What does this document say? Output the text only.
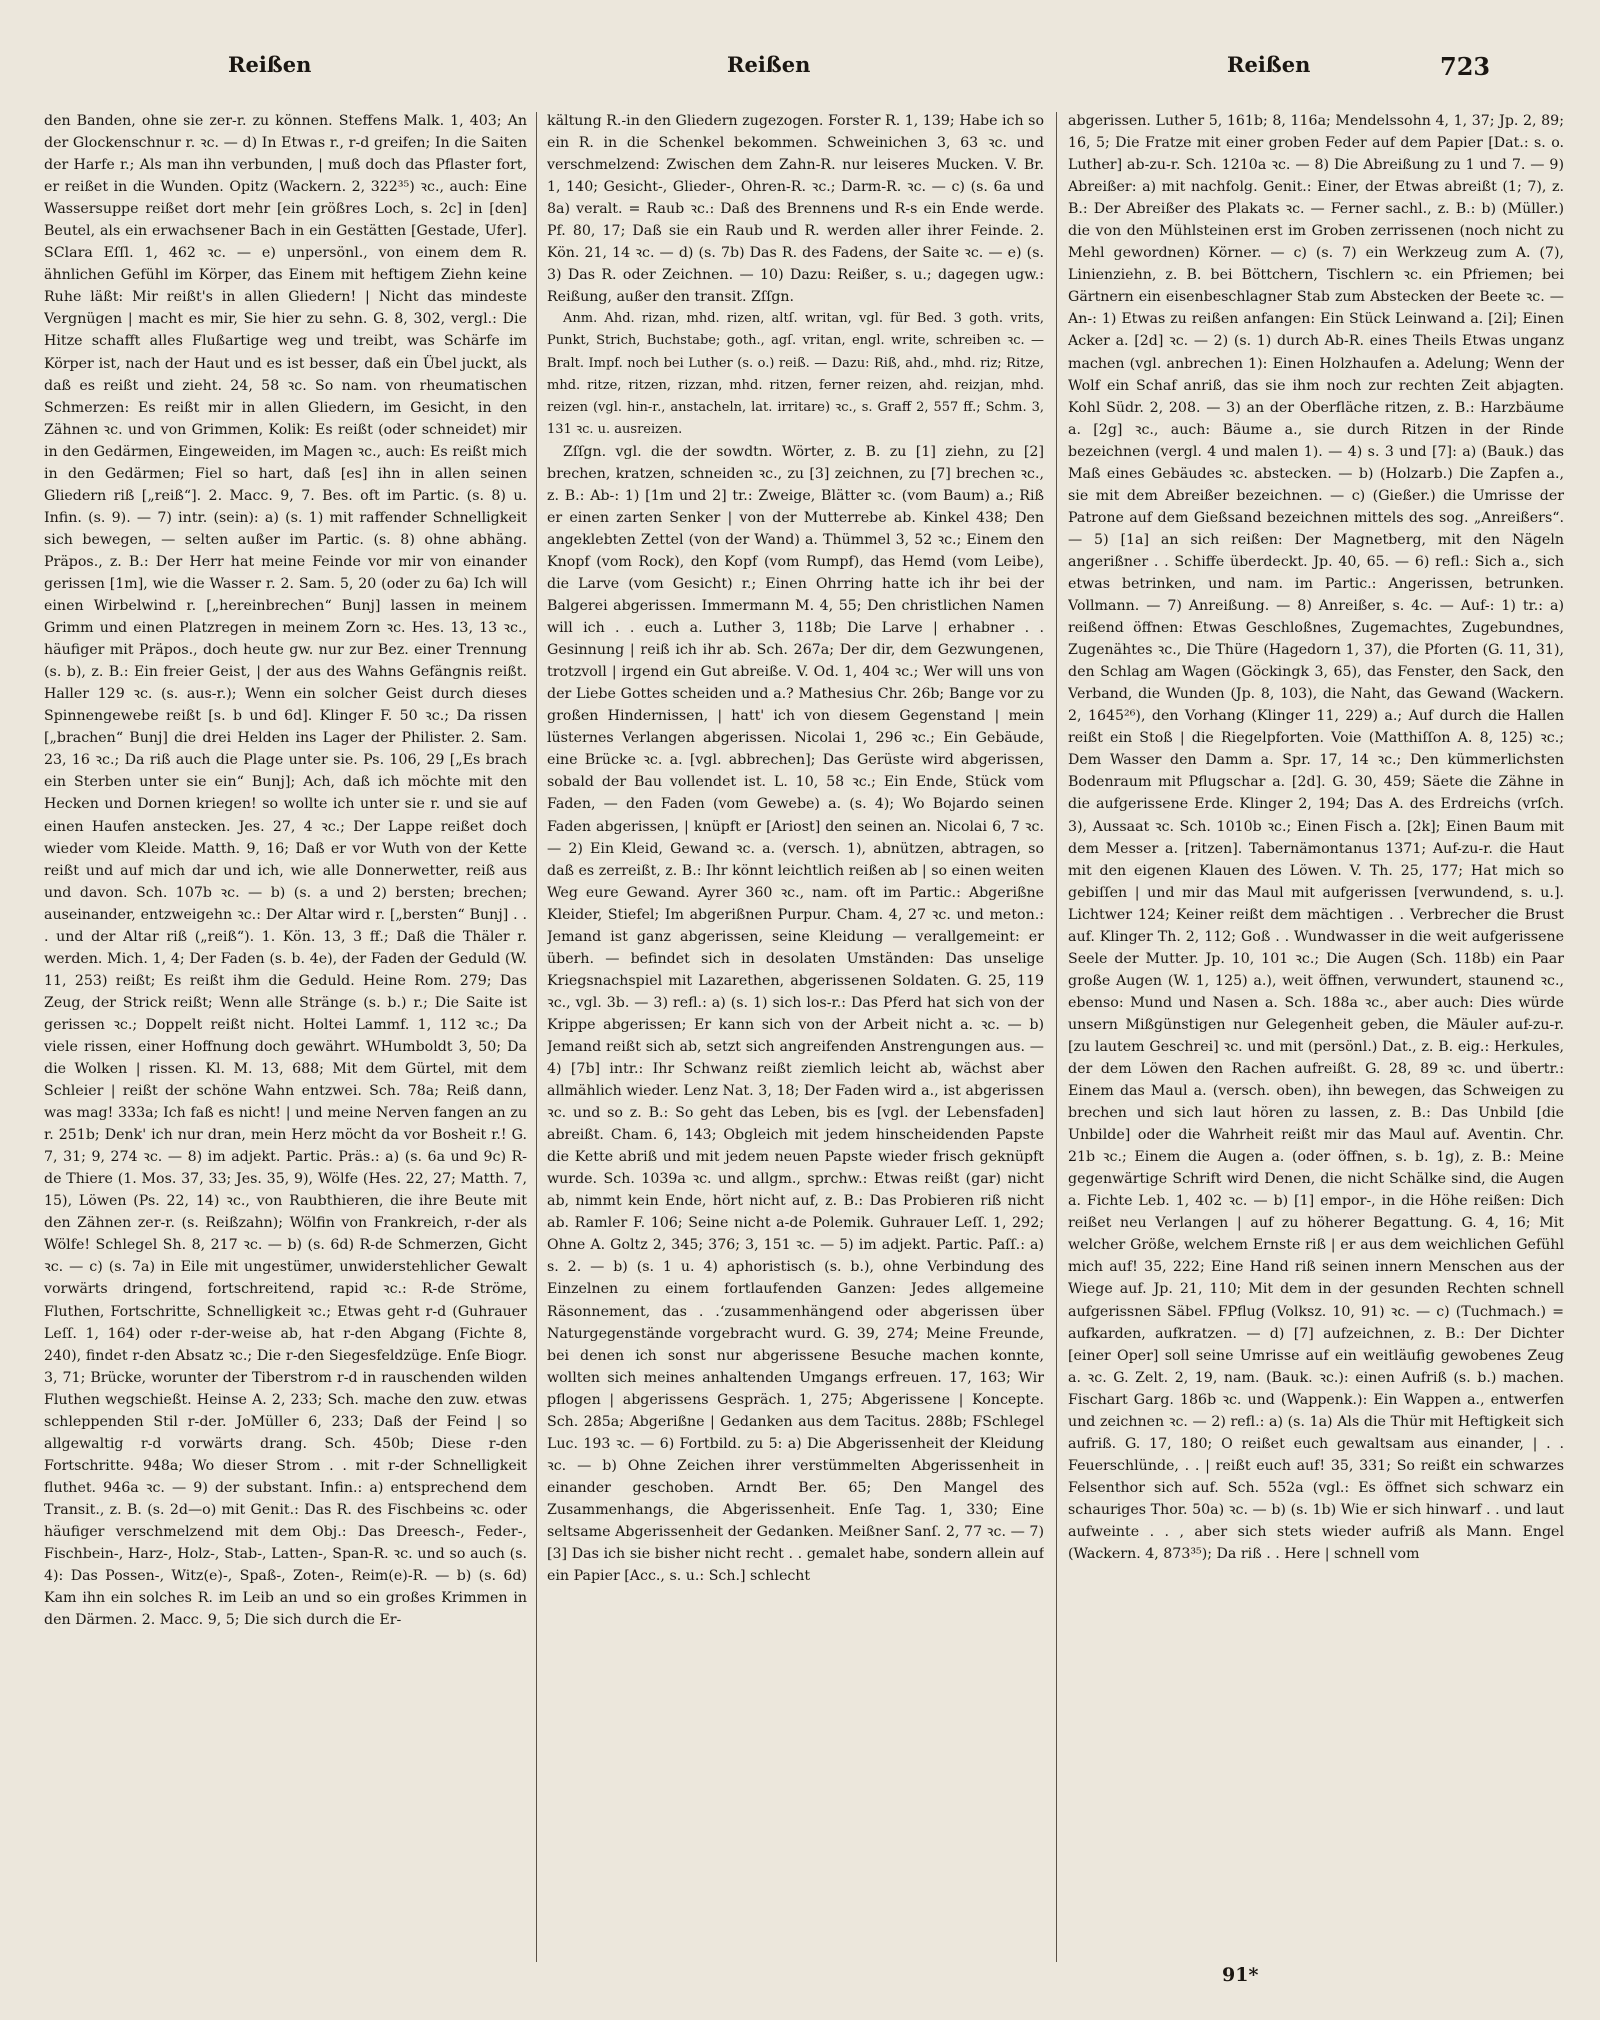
Reißen	Reißen	Reißen	723

den Banden, ohne sie zer-r. zu können. Steffens Malk. 1, 403; An der Glockenschnur r. ꝛc. — d) In Etwas r., r-d greifen; In die Saiten der Harfe r.; Als man ihn verbunden, | muß doch das Pflaster fort, er reißet in die Wunden. Opitz (Wackern. 2, 322³⁵) ꝛc., auch: Eine Wassersuppe reißet dort mehr [ein größres Loch, s. 2c] in [den] Beutel, als ein erwachsener Bach in ein Gestätten [Gestade, Ufer]. SClara Eſſl. 1, 462 ꝛc. — e) unpersönl., von einem dem R. ähnlichen Gefühl im Körper, das Einem mit heftigem Ziehn keine Ruhe läßt: Mir reißt's in allen Gliedern! | Nicht das mindeste Vergnügen | macht es mir, Sie hier zu sehn. G. 8, 302, vergl.: Die Hitze schafft alles Flußartige weg und treibt, was Schärfe im Körper ist, nach der Haut und es ist besser, daß ein Übel juckt, als daß es reißt und zieht. 24, 58 ꝛc. So nam. von rheumatischen Schmerzen: Es reißt mir in allen Gliedern, im Gesicht, in den Zähnen ꝛc. und von Grimmen, Kolik: Es reißt (oder schneidet) mir in den Gedärmen, Eingeweiden, im Magen ꝛc., auch: Es reißt mich in den Gedärmen; Fiel so hart, daß [es] ihn in allen seinen Gliedern riß [„reiß“]. 2. Macc. 9, 7. Bes. oft im Partic. (s. 8) u. Infin. (s. 9). — 7) intr. (sein): a) (s. 1) mit raffender Schnelligkeit sich bewegen, — selten außer im Partic. (s. 8) ohne abhäng. Präpos., z. B.: Der Herr hat meine Feinde vor mir von einander gerissen [1m], wie die Wasser r. 2. Sam. 5, 20 (oder zu 6a) Ich will einen Wirbelwind r. [„hereinbrechen“ Bunj] lassen in meinem Grimm und einen Platzregen in meinem Zorn ꝛc. Hes. 13, 13 ꝛc., häufiger mit Präpos., doch heute gw. nur zur Bez. einer Trennung (s. b), z. B.: Ein freier Geist, | der aus des Wahns Gefängnis reißt. Haller 129 ꝛc. (s. aus-r.); Wenn ein solcher Geist durch dieses Spinnengewebe reißt [s. b und 6d]. Klinger F. 50 ꝛc.; Da rissen [„brachen“ Bunj] die drei Helden ins Lager der Philister. 2. Sam. 23, 16 ꝛc.; Da riß auch die Plage unter sie. Ps. 106, 29 [„Es brach ein Sterben unter sie ein“ Bunj]; Ach, daß ich möchte mit den Hecken und Dornen kriegen! so wollte ich unter sie r. und sie auf einen Haufen anstecken. Jes. 27, 4 ꝛc.; Der Lappe reißet doch wieder vom Kleide. Matth. 9, 16; Daß er vor Wuth von der Kette reißt und auf mich dar und ich, wie alle Donnerwetter, reiß aus und davon. Sch. 107b ꝛc. — b) (s. a und 2) bersten; brechen; auseinander, entzweigehn ꝛc.: Der Altar wird r. [„bersten“ Bunj] . . . und der Altar riß („reiß“). 1. Kön. 13, 3 ff.; Daß die Thäler r. werden. Mich. 1, 4; Der Faden (s. b. 4e), der Faden der Geduld (W. 11, 253) reißt; Es reißt ihm die Geduld. Heine Rom. 279; Das Zeug, der Strick reißt; Wenn alle Stränge (s. b.) r.; Die Saite ist gerissen ꝛc.; Doppelt reißt nicht. Holtei Lammf. 1, 112 ꝛc.; Da viele rissen, einer Hoffnung doch gewährt. WHumboldt 3, 50; Da die Wolken | rissen. Kl. M. 13, 688; Mit dem Gürtel, mit dem Schleier | reißt der schöne Wahn entzwei. Sch. 78a; Reiß dann, was mag! 333a; Ich faß es nicht! | und meine Nerven fangen an zu r. 251b; Denk' ich nur dran, mein Herz möcht da vor Bosheit r.! G. 7, 31; 9, 274 ꝛc. — 8) im adjekt. Partic. Präs.: a) (s. 6a und 9c) R-de Thiere (1. Mos. 37, 33; Jes. 35, 9), Wölfe (Hes. 22, 27; Matth. 7, 15), Löwen (Ps. 22, 14) ꝛc., von Raubthieren, die ihre Beute mit den Zähnen zer-r. (s. Reißzahn); Wölfin von Frankreich, r-der als Wölfe! Schlegel Sh. 8, 217 ꝛc. — b) (s. 6d) R-de Schmerzen, Gicht ꝛc. — c) (s. 7a) in Eile mit ungestümer, unwiderstehlicher Gewalt vorwärts dringend, fortschreitend, rapid ꝛc.: R-de Ströme, Fluthen, Fortschritte, Schnelligkeit ꝛc.; Etwas geht r-d (Guhrauer Leſſ. 1, 164) oder r-der-weise ab, hat r-den Abgang (Fichte 8, 240), findet r-den Absatz ꝛc.; Die r-den Siegesfeldzüge. Enſe Biogr. 3, 71; Brücke, worunter der Tiberstrom r-d in rauschenden wilden Fluthen wegschießt. Heinse A. 2, 233; Sch. mache den zuw. etwas schleppenden Stil r-der. JoMüller 6, 233; Daß der Feind | so allgewaltig r-d vorwärts drang. Sch. 450b; Diese r-den Fortschritte. 948a; Wo dieser Strom . . mit r-der Schnelligkeit fluthet. 946a ꝛc. — 9) der substant. Infin.: a) entsprechend dem Transit., z. B. (s. 2d—o) mit Genit.: Das R. des Fischbeins ꝛc. oder häufiger verschmelzend mit dem Obj.: Das Dreesch-, Feder-, Fischbein-, Harz-, Holz-, Stab-, Latten-, Span-R. ꝛc. und so auch (s. 4): Das Possen-, Witz(e)-, Spaß-, Zoten-, Reim(e)-R. — b) (s. 6d) Kam ihn ein solches R. im Leib an und so ein großes Krimmen in den Därmen. 2. Macc. 9, 5; Die sich durch die Er-

kältung R.-in den Gliedern zugezogen. Forster R. 1, 139; Habe ich so ein R. in die Schenkel bekommen. Schweinichen 3, 63 ꝛc. und verschmelzend: Zwischen dem Zahn-R. nur leiseres Mucken. V. Br. 1, 140; Gesicht-, Glieder-, Ohren-R. ꝛc.; Darm-R. ꝛc. — c) (s. 6a und 8a) veralt. = Raub ꝛc.: Daß des Brennens und R-s ein Ende werde. Pf. 80, 17; Daß sie ein Raub und R. werden aller ihrer Feinde. 2. Kön. 21, 14 ꝛc. — d) (s. 7b) Das R. des Fadens, der Saite ꝛc. — e) (s. 3) Das R. oder Zeichnen. — 10) Dazu: Reißer, s. u.; dagegen ugw.: Reißung, außer den transit. Zſſgn.

Anm. Ahd. rizan, mhd. rizen, altſ. writan, vgl. für Bed. 3 goth. vrits, Punkt, Strich, Buchstabe; goth., agſ. vritan, engl. write, schreiben ꝛc. — Bralt. Impf. noch bei Luther (s. o.) reiß. — Dazu: Riß, ahd., mhd. riz; Ritze, mhd. ritze, ritzen, rizzan, mhd. ritzen, ferner reizen, ahd. reizjan, mhd. reizen (vgl. hin-r., anstacheln, lat. irritare) ꝛc., s. Graff 2, 557 ff.; Schm. 3, 131 ꝛc. u. ausreizen.

Zſſgn. vgl. die der sowdtn. Wörter, z. B. zu [1] ziehn, zu [2] brechen, kratzen, schneiden ꝛc., zu [3] zeichnen, zu [7] brechen ꝛc., z. B.: Ab-: 1) [1m und 2] tr.: Zweige, Blätter ꝛc. (vom Baum) a.; Riß er einen zarten Senker | von der Mutterrebe ab. Kinkel 438; Den angeklebten Zettel (von der Wand) a. Thümmel 3, 52 ꝛc.; Einem den Knopf (vom Rock), den Kopf (vom Rumpf), das Hemd (vom Leibe), die Larve (vom Gesicht) r.; Einen Ohrring hatte ich ihr bei der Balgerei abgerissen. Immermann M. 4, 55; Den christlichen Namen will ich . . euch a. Luther 3, 118b; Die Larve | erhabner . . Gesinnung | reiß ich ihr ab. Sch. 267a; Der dir, dem Gezwungenen, trotzvoll | irgend ein Gut abreiße. V. Od. 1, 404 ꝛc.; Wer will uns von der Liebe Gottes scheiden und a.? Mathesius Chr. 26b; Bange vor zu großen Hindernissen, | hatt' ich von diesem Gegenstand | mein lüsternes Verlangen abgerissen. Nicolai 1, 296 ꝛc.; Ein Gebäude, eine Brücke ꝛc. a. [vgl. abbrechen]; Das Gerüste wird abgerissen, sobald der Bau vollendet ist. L. 10, 58 ꝛc.; Ein Ende, Stück vom Faden, — den Faden (vom Gewebe) a. (s. 4); Wo Bojardo seinen Faden abgerissen, | knüpft er [Ariost] den seinen an. Nicolai 6, 7 ꝛc. — 2) Ein Kleid, Gewand ꝛc. a. (versch. 1), abnützen, abtragen, so daß es zerreißt, z. B.: Ihr könnt leichtlich reißen ab | so einen weiten Weg eure Gewand. Ayrer 360 ꝛc., nam. oft im Partic.: Abgerißne Kleider, Stiefel; Im abgerißnen Purpur. Cham. 4, 27 ꝛc. und meton.: Jemand ist ganz abgerissen, seine Kleidung — verallgemeint: er überh. — befindet sich in desolaten Umständen: Das unselige Kriegsnachspiel mit Lazarethen, abgerissenen Soldaten. G. 25, 119 ꝛc., vgl. 3b. — 3) refl.: a) (s. 1) sich los-r.: Das Pferd hat sich von der Krippe abgerissen; Er kann sich von der Arbeit nicht a. ꝛc. — b) Jemand reißt sich ab, setzt sich angreifenden Anstrengungen aus. — 4) [7b] intr.: Ihr Schwanz reißt ziemlich leicht ab, wächst aber allmählich wieder. Lenz Nat. 3, 18; Der Faden wird a., ist abgerissen ꝛc. und so z. B.: So geht das Leben, bis es [vgl. der Lebensfaden] abreißt. Cham. 6, 143; Obgleich mit jedem hinscheidenden Papste die Kette abriß und mit jedem neuen Papste wieder frisch geknüpft wurde. Sch. 1039a ꝛc. und allgm., sprchw.: Etwas reißt (gar) nicht ab, nimmt kein Ende, hört nicht auf, z. B.: Das Probieren riß nicht ab. Ramler F. 106; Seine nicht a-de Polemik. Guhrauer Leſſ. 1, 292; Ohne A. Goltz 2, 345; 376; 3, 151 ꝛc. — 5) im adjekt. Partic. Paſſ.: a) s. 2. — b) (s. 1 u. 4) aphoristisch (s. b.), ohne Verbindung des Einzelnen zu einem fortlaufenden Ganzen: Jedes allgemeine Räsonnement, das . .ʻzusammenhängend oder abgerissen über Naturgegenstände vorgebracht wurd. G. 39, 274; Meine Freunde, bei denen ich sonst nur abgerissene Besuche machen konnte, wollten sich meines anhaltenden Umgangs erfreuen. 17, 163; Wir pflogen | abgerissens Gespräch. 1, 275; Abgerissene | Koncepte. Sch. 285a; Abgerißne | Gedanken aus dem Tacitus. 288b; FSchlegel Luc. 193 ꝛc. — 6) Fortbild. zu 5: a) Die Abgerissenheit der Kleidung ꝛc. — b) Ohne Zeichen ihrer verstümmelten Abgerissenheit in einander geschoben. Arndt Ber. 65; Den Mangel des Zusammenhangs, die Abgerissenheit. Enſe Tag. 1, 330; Eine seltsame Abgerissenheit der Gedanken. Meißner Sanſ. 2, 77 ꝛc. — 7) [3] Das ich sie bisher nicht recht . . gemalet habe, sondern allein auf ein Papier [Acc., s. u.: Sch.] schlecht

abgerissen. Luther 5, 161b; 8, 116a; Mendelssohn 4, 1, 37; Jp. 2, 89; 16, 5; Die Fratze mit einer groben Feder auf dem Papier [Dat.: s. o. Luther] ab-zu-r. Sch. 1210a ꝛc. — 8) Die Abreißung zu 1 und 7. — 9) Abreißer: a) mit nachfolg. Genit.: Einer, der Etwas abreißt (1; 7), z. B.: Der Abreißer des Plakats ꝛc. — Ferner sachl., z. B.: b) (Müller.) die von den Mühlsteinen erst im Groben zerrissenen (noch nicht zu Mehl gewordnen) Körner. — c) (s. 7) ein Werkzeug zum A. (7), Linienziehn, z. B. bei Böttchern, Tischlern ꝛc. ein Pfriemen; bei Gärtnern ein eisenbeschlagner Stab zum Abstecken der Beete ꝛc. — An-: 1) Etwas zu reißen anfangen: Ein Stück Leinwand a. [2i]; Einen Acker a. [2d] ꝛc. — 2) (s. 1) durch Ab-R. eines Theils Etwas unganz machen (vgl. anbrechen 1): Einen Holzhaufen a. Adelung; Wenn der Wolf ein Schaf anriß, das sie ihm noch zur rechten Zeit abjagten. Kohl Südr. 2, 208. — 3) an der Oberfläche ritzen, z. B.: Harzbäume a. [2g] ꝛc., auch: Bäume a., sie durch Ritzen in der Rinde bezeichnen (vergl. 4 und malen 1). — 4) s. 3 und [7]: a) (Bauk.) das Maß eines Gebäudes ꝛc. abstecken. — b) (Holzarb.) Die Zapfen a., sie mit dem Abreißer bezeichnen. — c) (Gießer.) die Umrisse der Patrone auf dem Gießsand bezeichnen mittels des sog. „Anreißers“. — 5) [1a] an sich reißen: Der Magnetberg, mit den Nägeln angerißner . . Schiffe überdeckt. Jp. 40, 65. — 6) refl.: Sich a., sich etwas betrinken, und nam. im Partic.: Angerissen, betrunken. Vollmann. — 7) Anreißung. — 8) Anreißer, s. 4c. — Auf-: 1) tr.: a) reißend öffnen: Etwas Geschloßnes, Zugemachtes, Zugebundnes, Zugenähtes ꝛc., Die Thüre (Hagedorn 1, 37), die Pforten (G. 11, 31), den Schlag am Wagen (Göckingk 3, 65), das Fenster, den Sack, den Verband, die Wunden (Jp. 8, 103), die Naht, das Gewand (Wackern. 2, 1645²⁶), den Vorhang (Klinger 11, 229) a.; Auf durch die Hallen reißt ein Stoß | die Riegelpforten. Voie (Matthiſſon A. 8, 125) ꝛc.; Dem Wasser den Damm a. Spr. 17, 14 ꝛc.; Den kümmerlichsten Bodenraum mit Pflugschar a. [2d]. G. 30, 459; Säete die Zähne in die aufgerissene Erde. Klinger 2, 194; Das A. des Erdreichs (vrſch. 3), Aussaat ꝛc. Sch. 1010b ꝛc.; Einen Fisch a. [2k]; Einen Baum mit dem Messer a. [ritzen]. Tabernämontanus 1371; Auf-zu-r. die Haut mit den eigenen Klauen des Löwen. V. Th. 25, 177; Hat mich so gebiſſen | und mir das Maul mit aufgerissen [verwundend, s. u.]. Lichtwer 124; Keiner reißt dem mächtigen . . Verbrecher die Brust auf. Klinger Th. 2, 112; Goß . . Wundwasser in die weit aufgerissene Seele der Mutter. Jp. 10, 101 ꝛc.; Die Augen (Sch. 118b) ein Paar große Augen (W. 1, 125) a.), weit öffnen, verwundert, staunend ꝛc., ebenso: Mund und Nasen a. Sch. 188a ꝛc., aber auch: Dies würde unsern Mißgünstigen nur Gelegenheit geben, die Mäuler auf-zu-r. [zu lautem Geschrei] ꝛc. und mit (persönl.) Dat., z. B. eig.: Herkules, der dem Löwen den Rachen aufreißt. G. 28, 89 ꝛc. und übertr.: Einem das Maul a. (versch. oben), ihn bewegen, das Schweigen zu brechen und sich laut hören zu lassen, z. B.: Das Unbild [die Unbilde] oder die Wahrheit reißt mir das Maul auf. Aventin. Chr. 21b ꝛc.; Einem die Augen a. (oder öffnen, s. b. 1g), z. B.: Meine gegenwärtige Schrift wird Denen, die nicht Schälke sind, die Augen a. Fichte Leb. 1, 402 ꝛc. — b) [1] empor-, in die Höhe reißen: Dich reißet neu Verlangen | auf zu höherer Begattung. G. 4, 16; Mit welcher Größe, welchem Ernste riß | er aus dem weichlichen Gefühl mich auf! 35, 222; Eine Hand riß seinen innern Menschen aus der Wiege auf. Jp. 21, 110; Mit dem in der gesunden Rechten schnell aufgerissnen Säbel. FPflug (Volksz. 10, 91) ꝛc. — c) (Tuchmach.) = aufkarden, aufkratzen. — d) [7] aufzeichnen, z. B.: Der Dichter [einer Oper] soll seine Umrisse auf ein weitläufig gewobenes Zeug a. ꝛc. G. Zelt. 2, 19, nam. (Bauk. ꝛc.): einen Aufriß (s. b.) machen. Fischart Garg. 186b ꝛc. und (Wappenk.): Ein Wappen a., entwerfen und zeichnen ꝛc. — 2) refl.: a) (s. 1a) Als die Thür mit Heftigkeit sich aufriß. G. 17, 180; O reißet euch gewaltsam aus einander, | . . Feuerschlünde, . . | reißt euch auf! 35, 331; So reißt ein schwarzes Felsenthor sich auf. Sch. 552a (vgl.: Es öffnet sich schwarz ein schauriges Thor. 50a) ꝛc. — b) (s. 1b) Wie er sich hinwarf . . und laut aufweinte . . , aber sich stets wieder aufriß als Mann. Engel (Wackern. 4, 873³⁵); Da riß . . Here | schnell vom

91*
